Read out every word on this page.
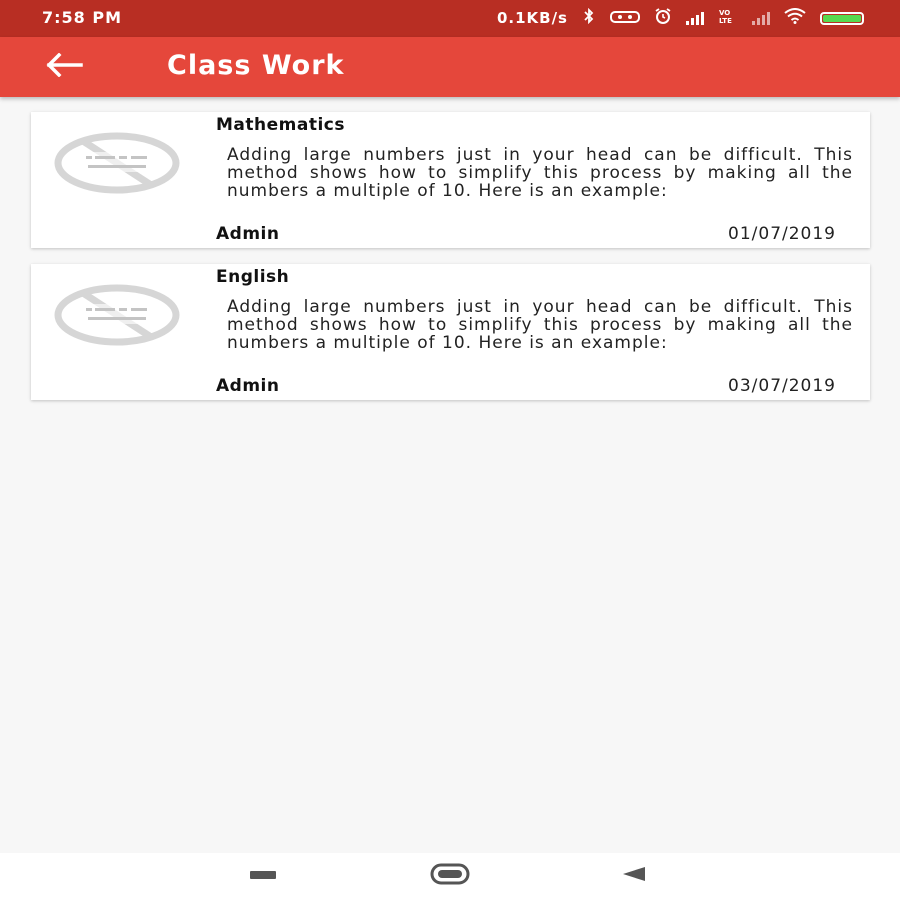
7:58 PM	0.1KB/s	VO
LTE
Class Work
Mathematics
Adding large numbers just in your head can be difficult. This method shows how to simplify this process by making all the numbers a multiple of 10. Here is an example:
Admin	01/07/2019
English
Adding large numbers just in your head can be difficult. This method shows how to simplify this process by making all the numbers a multiple of 10. Here is an example:
Admin	03/07/2019
